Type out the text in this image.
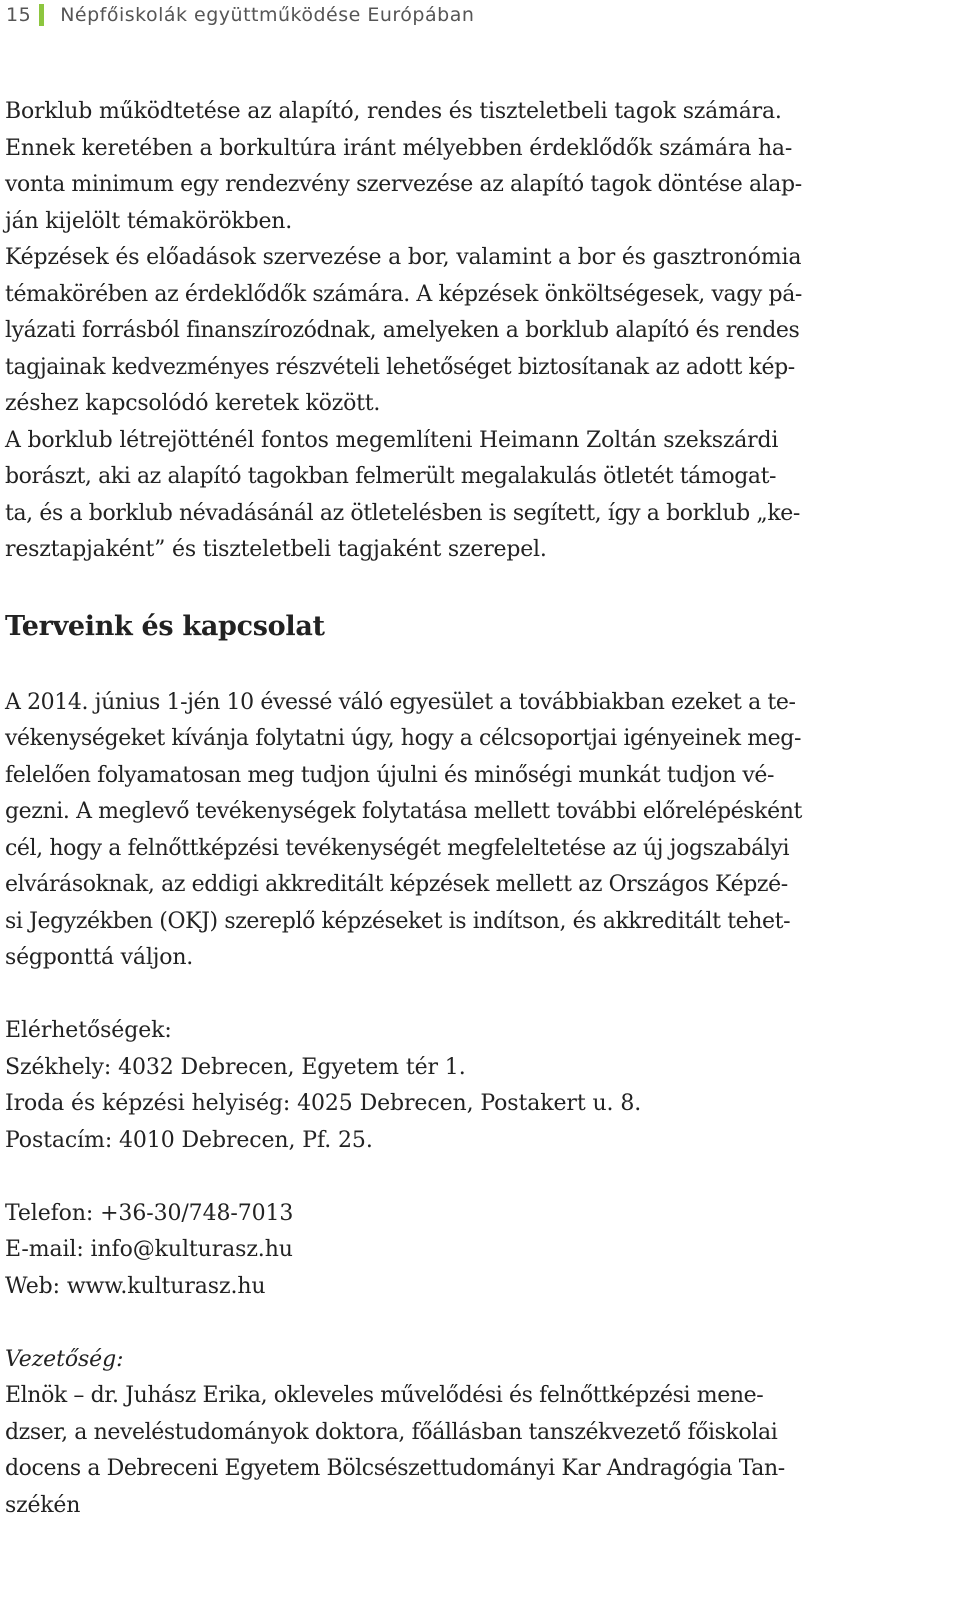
15	Népfőiskolák együttműködése Európában

Borklub működtetése az alapító, rendes és tiszteletbeli tagok számára.

Ennek keretében a borkultúra iránt mélyebben érdeklődők számára ha-

vonta minimum egy rendezvény szervezése az alapító tagok döntése alap-

ján kijelölt témakörökben.

Képzések és előadások szervezése a bor, valamint a bor és gasztronómia

témakörében az érdeklődők számára. A képzések önköltségesek, vagy pá-

lyázati forrásból finanszírozódnak, amelyeken a borklub alapító és rendes

tagjainak kedvezményes részvételi lehetőséget biztosítanak az adott kép-

zéshez kapcsolódó keretek között.

A borklub létrejötténél fontos megemlíteni Heimann Zoltán szekszárdi

borászt, aki az alapító tagokban felmerült megalakulás ötletét támogat-

ta, és a borklub névadásánál az ötletelésben is segített, így a borklub „ke-

resztapjaként” és tiszteletbeli tagjaként szerepel.

Terveink és kapcsolat

A 2014. június 1-jén 10 évessé váló egyesület a továbbiakban ezeket a te-

vékenységeket kívánja folytatni úgy, hogy a célcsoportjai igényeinek meg-

felelően folyamatosan meg tudjon újulni és minőségi munkát tudjon vé-

gezni. A meglevő tevékenységek folytatása mellett további előrelépésként

cél, hogy a felnőttképzési tevékenységét megfeleltetése az új jogszabályi

elvárásoknak, az eddigi akkreditált képzések mellett az Országos Képzé-

si Jegyzékben (OKJ) szereplő képzéseket is indítson, és akkreditált tehet-

ségponttá váljon.

Elérhetőségek:

Székhely: 4032 Debrecen, Egyetem tér 1.

Iroda és képzési helyiség: 4025 Debrecen, Postakert u. 8.

Postacím: 4010 Debrecen, Pf. 25.

Telefon: +36-30/748-7013

E-mail: info@kulturasz.hu

Web: www.kulturasz.hu

Vezetőség:

Elnök – dr. Juhász Erika, okleveles művelődési és felnőttképzési mene-

dzser, a neveléstudományok doktora, főállásban tanszékvezető főiskolai

docens a Debreceni Egyetem Bölcsészettudományi Kar Andragógia Tan-

székén
